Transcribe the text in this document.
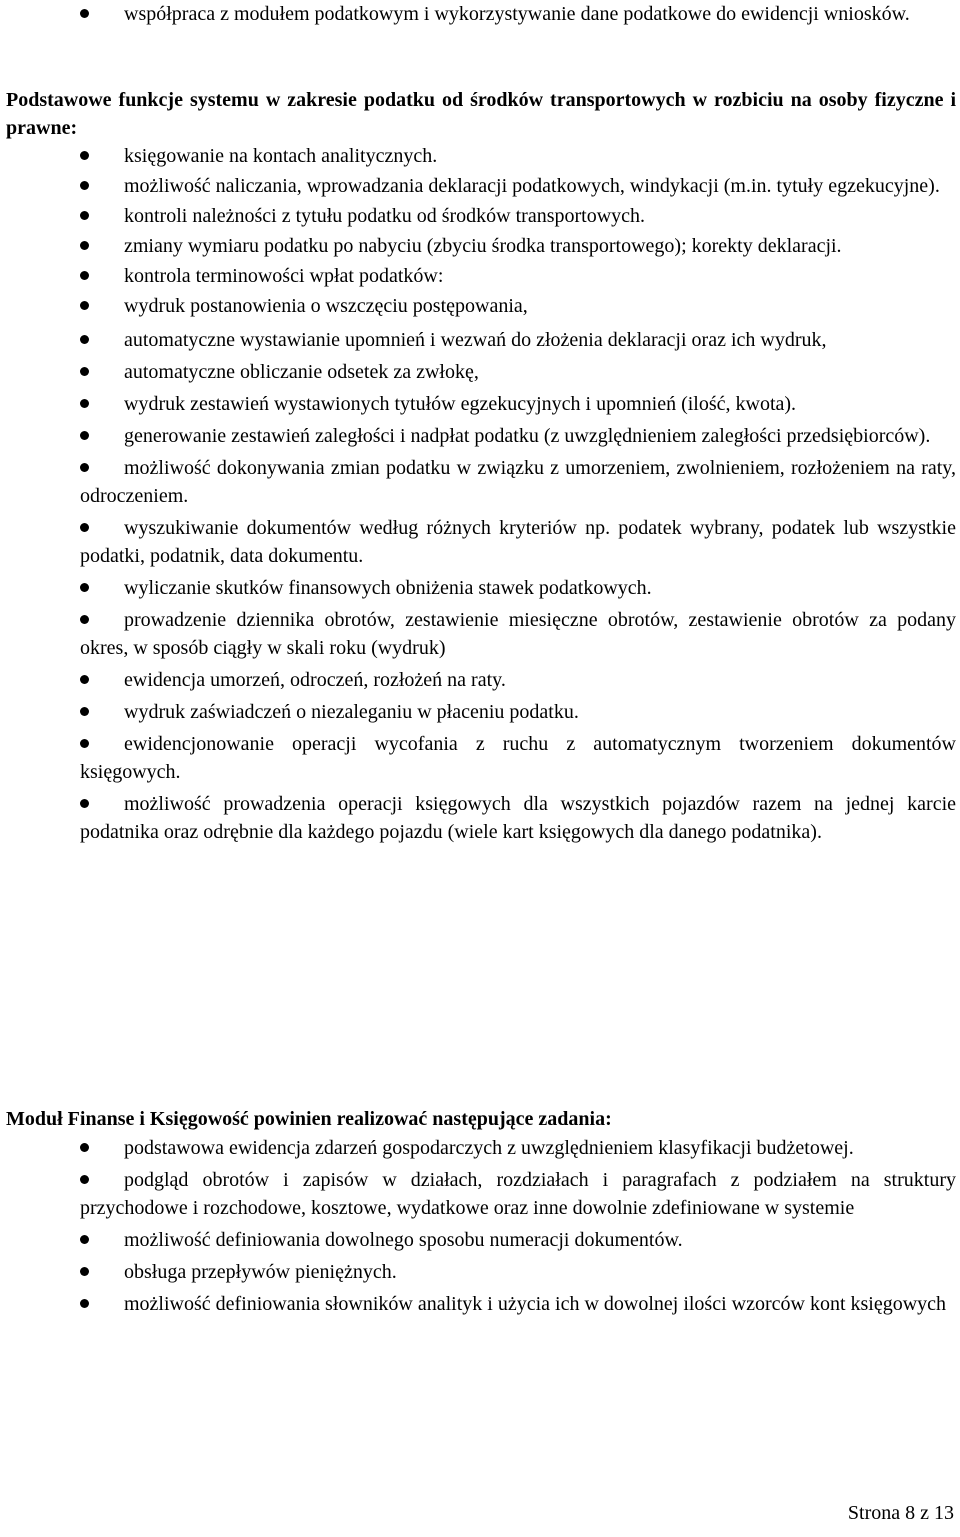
współpraca z modułem podatkowym i wykorzystywanie dane podatkowe do ewidencji wniosków.
Podstawowe funkcje systemu w zakresie podatku od środków transportowych w rozbiciu na osoby fizyczne i prawne:
księgowanie na kontach analitycznych.
możliwość naliczania, wprowadzania deklaracji podatkowych, windykacji (m.in. tytuły egzekucyjne).
kontroli należności z tytułu podatku od środków transportowych.
zmiany wymiaru podatku po nabyciu (zbyciu środka transportowego); korekty deklaracji.
kontrola terminowości wpłat podatków:
wydruk postanowienia o wszczęciu postępowania,
automatyczne wystawianie upomnień i wezwań do złożenia deklaracji oraz ich wydruk,
automatyczne obliczanie odsetek za zwłokę,
wydruk zestawień wystawionych tytułów egzekucyjnych i upomnień (ilość, kwota).
generowanie zestawień zaległości i nadpłat podatku (z uwzględnieniem zaległości przedsiębiorców).
możliwość dokonywania zmian podatku w związku z umorzeniem, zwolnieniem, rozłożeniem na raty, odroczeniem.
wyszukiwanie dokumentów według różnych kryteriów np. podatek wybrany, podatek lub wszystkie podatki, podatnik, data dokumentu.
wyliczanie skutków finansowych obniżenia stawek podatkowych.
prowadzenie dziennika obrotów, zestawienie miesięczne obrotów, zestawienie obrotów za podany okres, w sposób ciągły w skali roku (wydruk)
ewidencja umorzeń, odroczeń, rozłożeń na raty.
wydruk zaświadczeń o niezaleganiu w płaceniu podatku.
ewidencjonowanie operacji wycofania z ruchu z automatycznym tworzeniem dokumentów księgowych.
możliwość prowadzenia operacji księgowych dla wszystkich pojazdów razem na jednej karcie podatnika oraz odrębnie dla każdego pojazdu (wiele kart księgowych dla danego podatnika).
Moduł Finanse i Księgowość powinien realizować następujące zadania:
podstawowa ewidencja zdarzeń gospodarczych z uwzględnieniem klasyfikacji budżetowej.
podgląd obrotów i zapisów w działach, rozdziałach i paragrafach z podziałem na struktury przychodowe i rozchodowe, kosztowe, wydatkowe oraz inne dowolnie zdefiniowane w systemie
możliwość definiowania dowolnego sposobu numeracji dokumentów.
obsługa przepływów pieniężnych.
możliwość definiowania słowników analityk i użycia ich w dowolnej ilości wzorców kont księgowych
Strona 8 z 13
